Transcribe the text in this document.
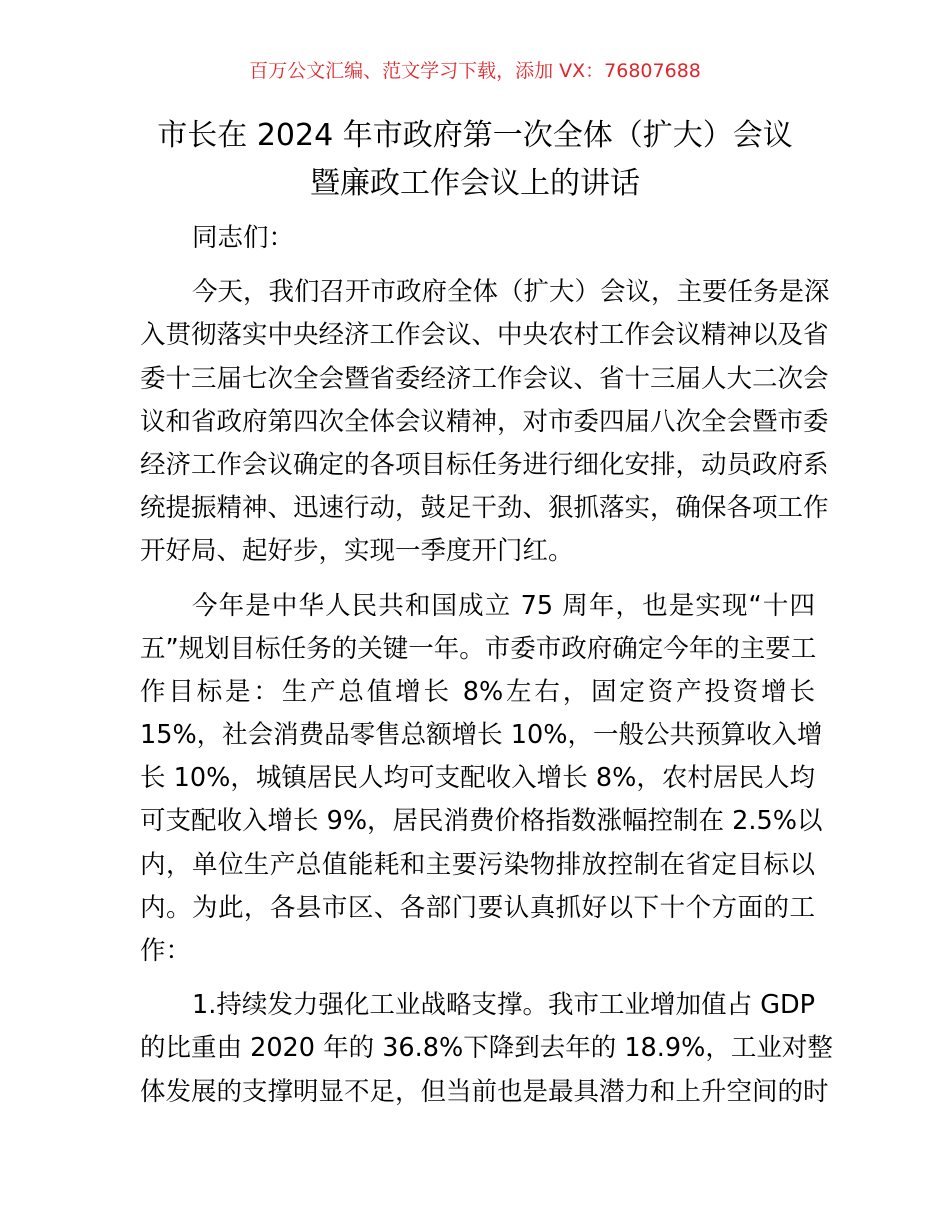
百万公文汇编、范文学习下载，添加 VX：76807688
市长在 2024 年市政府第一次全体（扩大）会议
暨廉政工作会议上的讲话
同志们：
今天，我们召开市政府全体（扩大）会议，主要任务是深
入贯彻落实中央经济工作会议、中央农村工作会议精神以及省
委十三届七次全会暨省委经济工作会议、省十三届人大二次会
议和省政府第四次全体会议精神，对市委四届八次全会暨市委
经济工作会议确定的各项目标任务进行细化安排，动员政府系
统提振精神、迅速行动，鼓足干劲、狠抓落实，确保各项工作
开好局、起好步，实现一季度开门红。
今年是中华人民共和国成立 75 周年，也是实现“十四
五”规划目标任务的关键一年。市委市政府确定今年的主要工
作目标是：生产总值增长 8%左右，固定资产投资增长
15%，社会消费品零售总额增长 10%，一般公共预算收入增
长 10%，城镇居民人均可支配收入增长 8%，农村居民人均
可支配收入增长 9%，居民消费价格指数涨幅控制在 2.5%以
内，单位生产总值能耗和主要污染物排放控制在省定目标以
内。为此，各县市区、各部门要认真抓好以下十个方面的工
作：
1.持续发力强化工业战略支撑。我市工业增加值占 GDP
的比重由 2020 年的 36.8%下降到去年的 18.9%，工业对整
体发展的支撑明显不足，但当前也是最具潜力和上升空间的时
